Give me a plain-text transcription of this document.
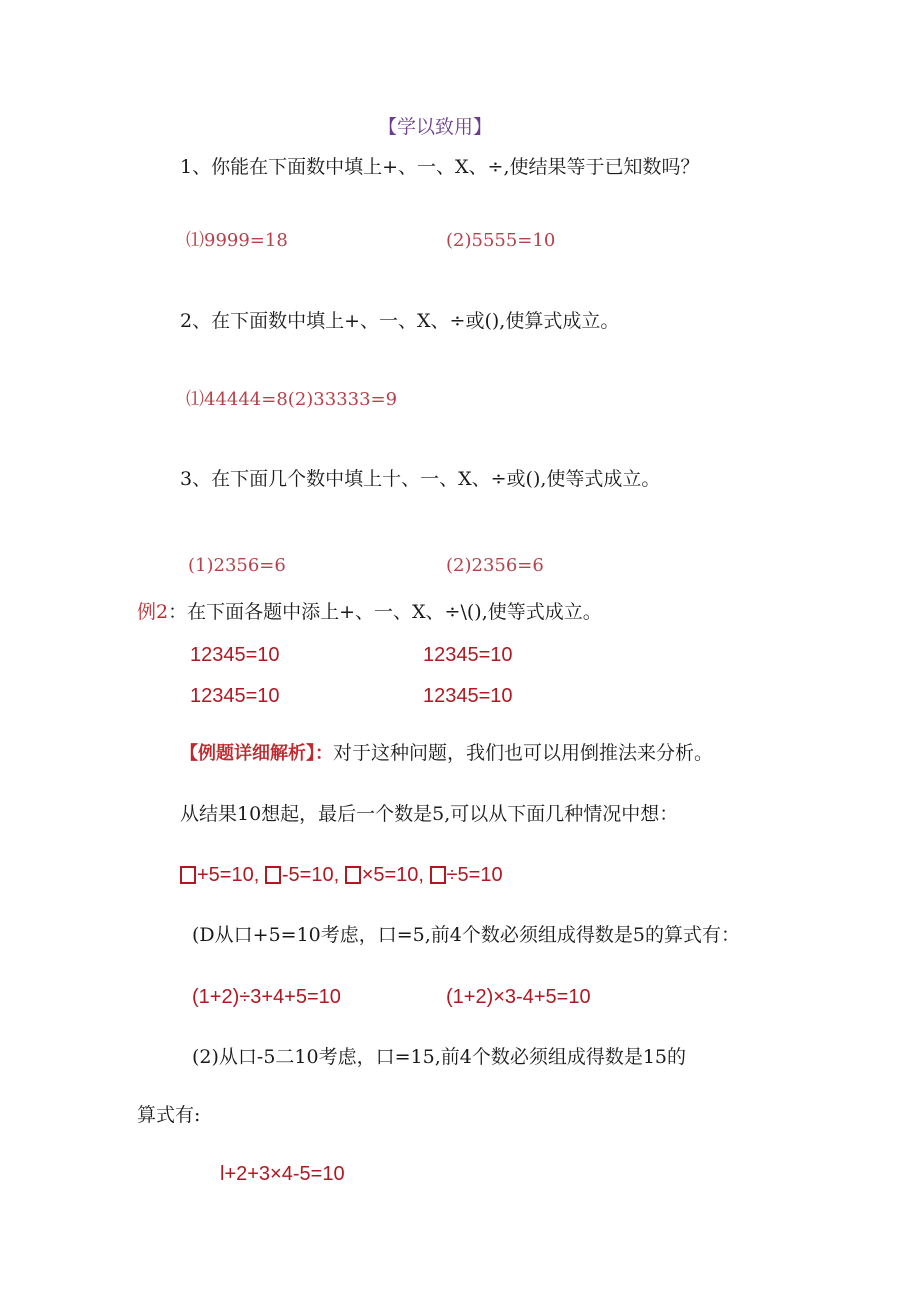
【学以致用】
1、你能在下面数中填上+、一、X、÷,使结果等于已知数吗？
⑴9999=18	(2)5555=10
2、在下面数中填上+、一、X、÷或(),使算式成立。
⑴44444=8(2)33333=9
3、在下面几个数中填上十、一、X、÷或(),使等式成立。
(1)2356=6	(2)2356=6
例2：在下面各题中添上+、一、X、÷\(),使等式成立。
12345=10	12345=10
12345=10	12345=10
【例题详细解析】：对于这种问题，我们也可以用倒推法来分析。
从结果10想起，最后一个数是5,可以从下面几种情况中想：
+5=10, -5=10, ×5=10, ÷5=10
(D从口+5=10考虑，口=5,前4个数必须组成得数是5的算式有：
(1+2)÷3+4+5=10	(1+2)×3-4+5=10
(2)从口-5二10考虑，口=15,前4个数必须组成得数是15的
算式有:
l+2+3×4-5=10
